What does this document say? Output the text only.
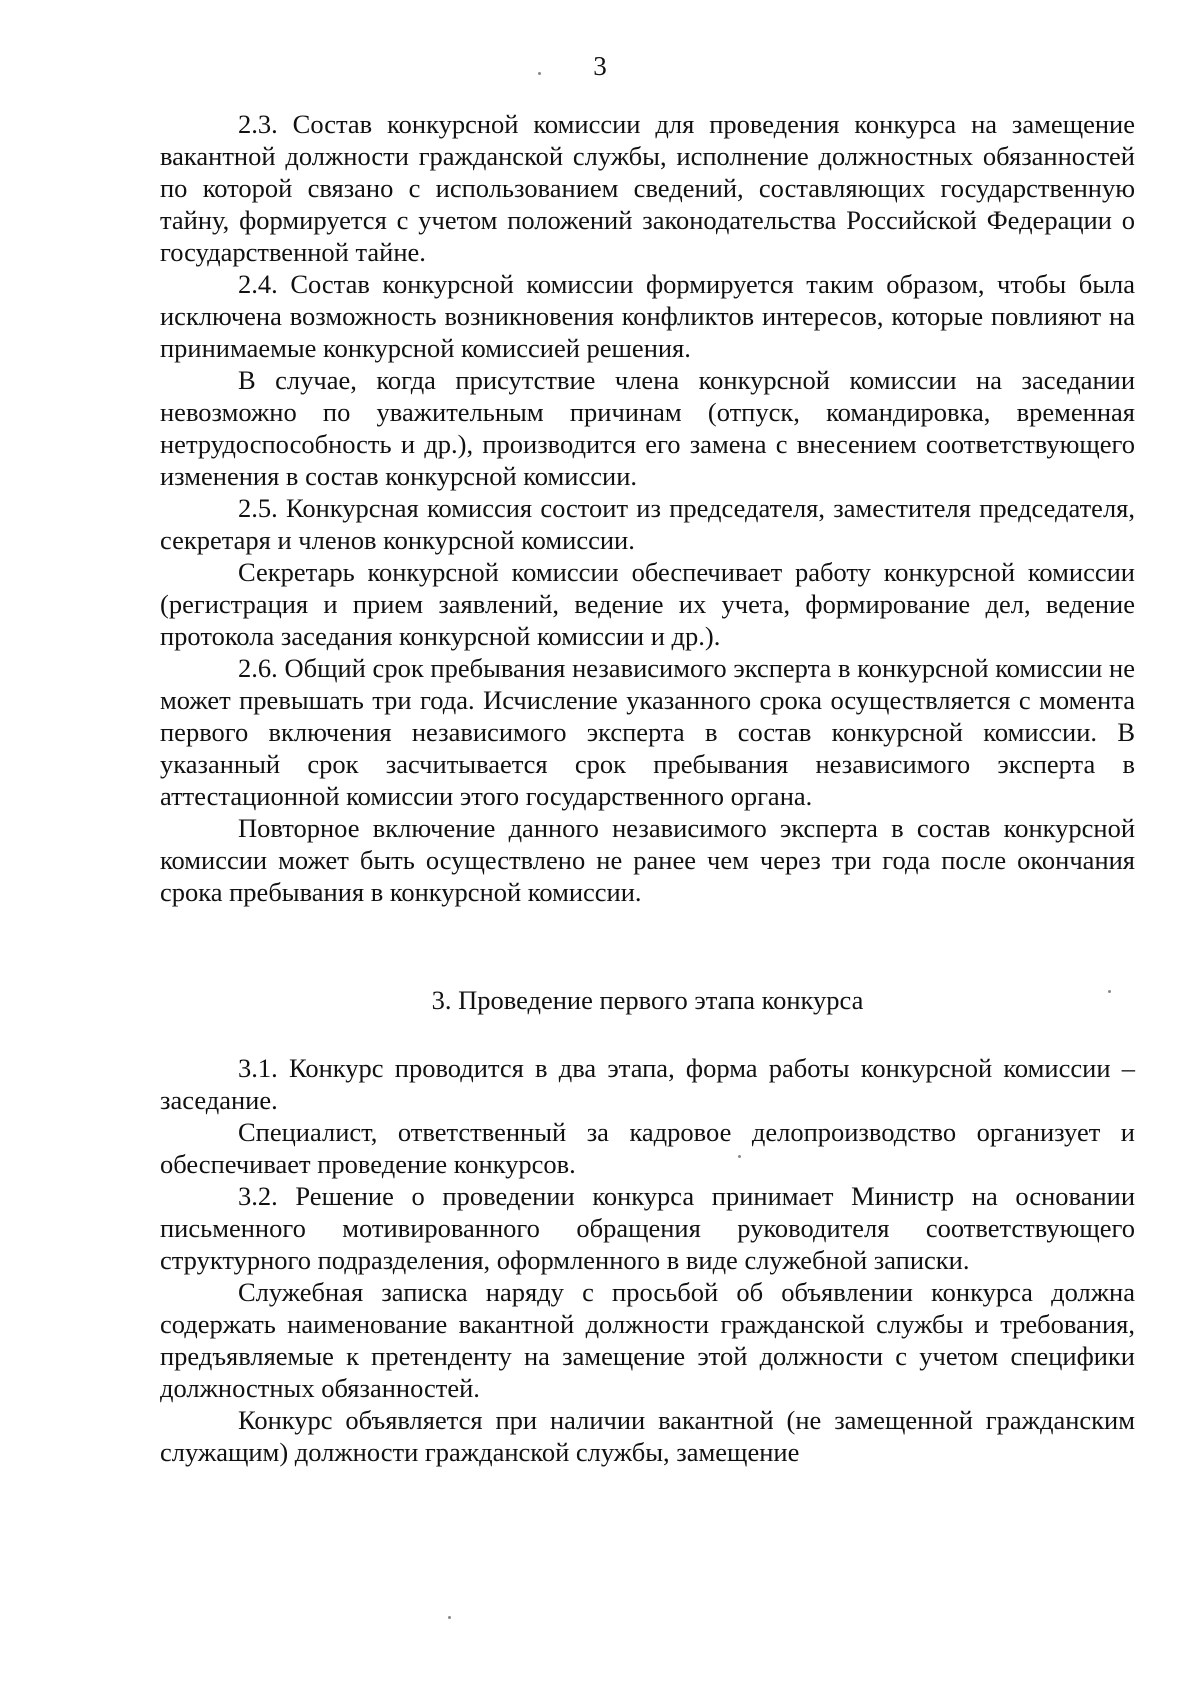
3

2.3. Состав конкурсной комиссии для проведения конкурса на замещение вакантной должности гражданской службы, исполнение должностных обязанностей по которой связано с использованием сведений, составляющих государственную тайну, формируется с учетом положений законодательства Российской Федерации о государственной тайне.

2.4. Состав конкурсной комиссии формируется таким образом, чтобы была исключена возможность возникновения конфликтов интересов, которые повлияют на принимаемые конкурсной комиссией решения.

В случае, когда присутствие члена конкурсной комиссии на заседании невозможно по уважительным причинам (отпуск, командировка, временная нетрудоспособность и др.), производится его замена с внесением соответствующего изменения в состав конкурсной комиссии.

2.5. Конкурсная комиссия состоит из председателя, заместителя председателя, секретаря и членов конкурсной комиссии.

Секретарь конкурсной комиссии обеспечивает работу конкурсной комиссии (регистрация и прием заявлений, ведение их учета, формирование дел, ведение протокола заседания конкурсной комиссии и др.).

2.6. Общий срок пребывания независимого эксперта в конкурсной комиссии не может превышать три года. Исчисление указанного срока осуществляется с момента первого включения независимого эксперта в состав конкурсной комиссии. В указанный срок засчитывается срок пребывания независимого эксперта в аттестационной комиссии этого государственного органа.

Повторное включение данного независимого эксперта в состав конкурсной комиссии может быть осуществлено не ранее чем через три года после окончания срока пребывания в конкурсной комиссии.

3. Проведение первого этапа конкурса

3.1. Конкурс проводится в два этапа, форма работы конкурсной комиссии – заседание.

Специалист, ответственный за кадровое делопроизводство организует и обеспечивает проведение конкурсов.

3.2. Решение о проведении конкурса принимает Министр на основании письменного мотивированного обращения руководителя соответствующего структурного подразделения, оформленного в виде служебной записки.

Служебная записка наряду с просьбой об объявлении конкурса должна содержать наименование вакантной должности гражданской службы и требования, предъявляемые к претенденту на замещение этой должности с учетом специфики должностных обязанностей.

Конкурс объявляется при наличии вакантной (не замещенной гражданским служащим) должности гражданской службы, замещение
